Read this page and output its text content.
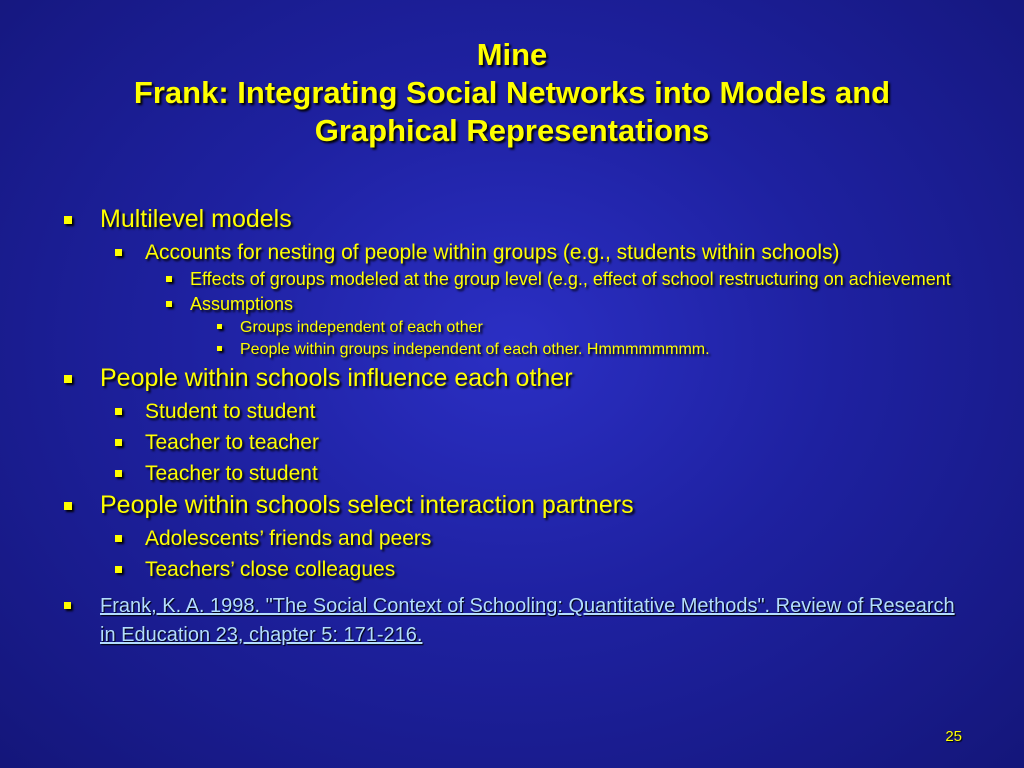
Mine
Frank: Integrating Social Networks into Models and
Graphical Representations
Multilevel models
Accounts for nesting of people within groups (e.g., students within schools)
Effects of groups modeled at the group level (e.g., effect of school restructuring on achievement
Assumptions
Groups independent of each other
People within groups independent of each other. Hmmmmmmmm.
People within schools influence each other
Student to student
Teacher to teacher
Teacher to student
People within schools select interaction partners
Adolescents’ friends and peers
Teachers’ close colleagues
Frank, K. A. 1998. "The Social Context of Schooling: Quantitative Methods". Review of Research in Education 23, chapter 5: 171-216.
25
